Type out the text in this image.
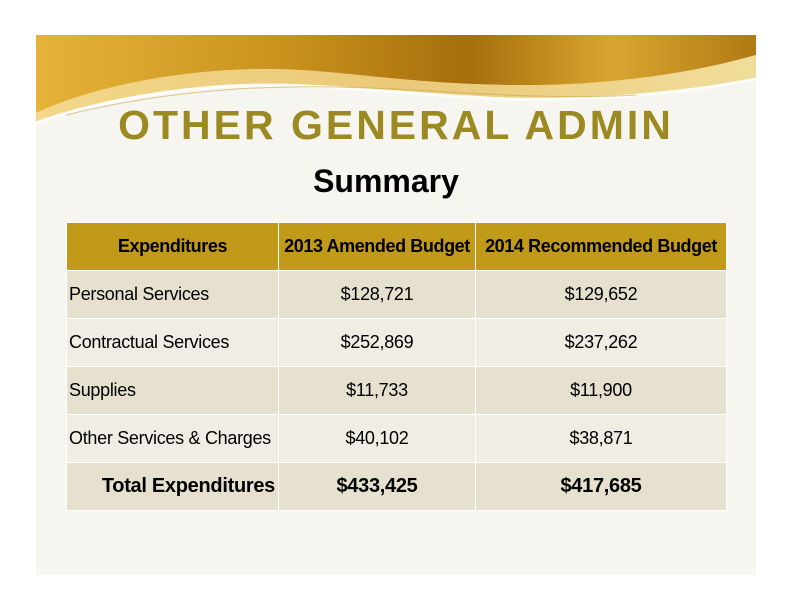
OTHER GENERAL ADMIN
Summary
Expenditures	2013 Amended Budget	2014 Recommended Budget
Personal Services	$128,721	$129,652
Contractual Services	$252,869	$237,262
Supplies	$11,733	$11,900
Other Services & Charges	$40,102	$38,871
Total Expenditures	$433,425	$417,685
